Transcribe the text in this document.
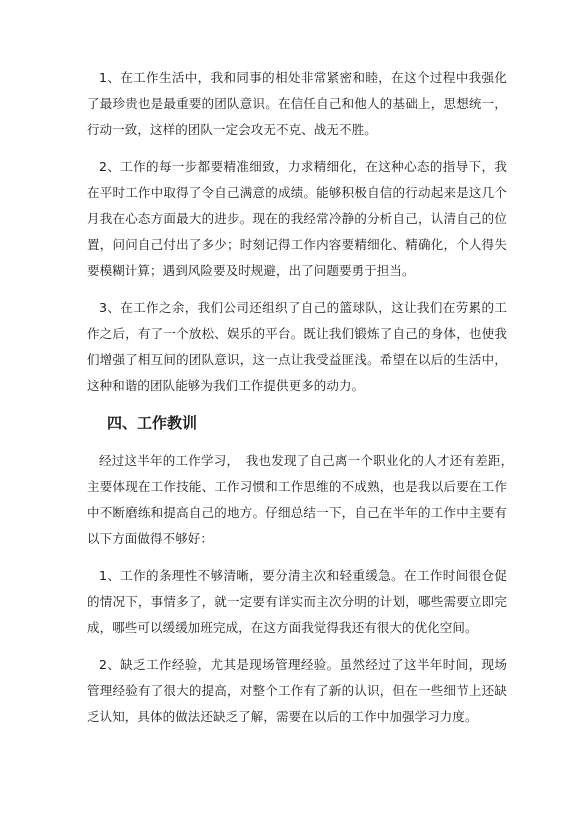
1、在工作生活中，我和同事的相处非常紧密和睦，在这个过程中我强化了最珍贵也是最重要的团队意识。在信任自己和他人的基础上，思想统一，行动一致，这样的团队一定会攻无不克、战无不胜。

2、工作的每一步都要精准细致，力求精细化，在这种心态的指导下，我在平时工作中取得了令自己满意的成绩。能够积极自信的行动起来是这几个月我在心态方面最大的进步。现在的我经常冷静的分析自己，认清自己的位置，问问自己付出了多少；时刻记得工作内容要精细化、精确化，个人得失要模糊计算；遇到风险要及时规避，出了问题要勇于担当。

3、在工作之余，我们公司还组织了自己的篮球队，这让我们在劳累的工作之后，有了一个放松、娱乐的平台。既让我们锻炼了自己的身体，也使我们增强了相互间的团队意识，这一点让我受益匪浅。希望在以后的生活中，这种和谐的团队能够为我们工作提供更多的动力。

四、工作教训

经过这半年的工作学习，　我也发现了自己离一个职业化的人才还有差距，　主要体现在工作技能、工作习惯和工作思维的不成熟，也是我以后要在工作中不断磨练和提高自己的地方。仔细总结一下，自己在半年的工作中主要有以下方面做得不够好：

1、工作的条理性不够清晰，要分清主次和轻重缓急。在工作时间很仓促的情况下，事情多了，就一定要有详实而主次分明的计划，哪些需要立即完成，哪些可以缓缓加班完成，在这方面我觉得我还有很大的优化空间。

2、缺乏工作经验，尤其是现场管理经验。虽然经过了这半年时间，现场管理经验有了很大的提高，对整个工作有了新的认识，但在一些细节上还缺乏认知，具体的做法还缺乏了解，需要在以后的工作中加强学习力度。
